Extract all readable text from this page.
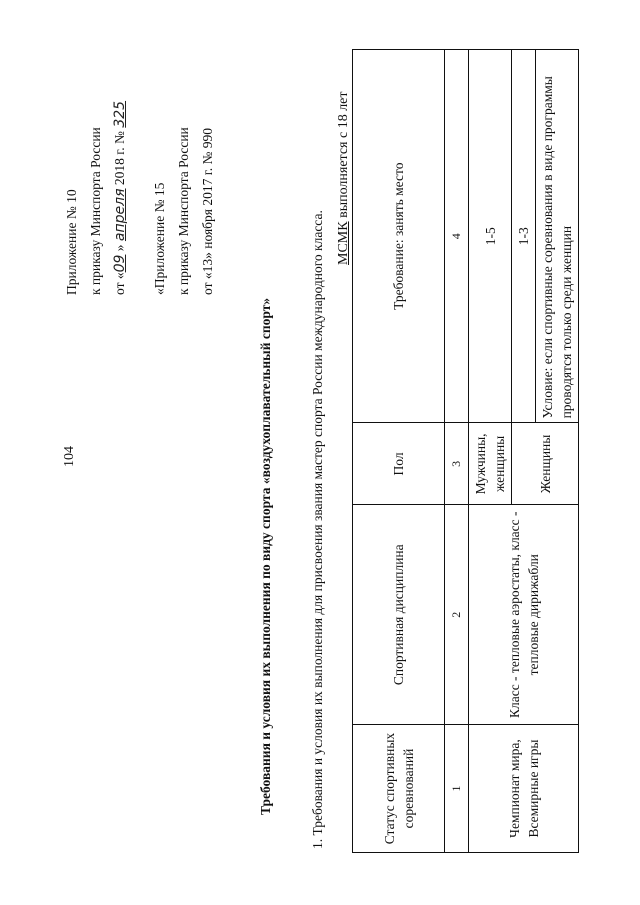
104
Приложение № 10 к приказу Минспорта России от «09 » апреля 2018 г. № 325
«Приложение № 15 к приказу Минспорта России от «13» ноября 2017 г. № 990
Требования и условия их выполнения по виду спорта «воздухоплавательный спорт»	1. Требования и условия их выполнения для присвоения звания мастер спорта России международного класса. МСМК выполняется с 18 лет
Статус спортивных соревнований	Спортивная дисциплина	Пол	Требование: занять место
1	2	3	4
Чемпионат мира, Всемирные игры	Класс - тепловые аэростаты, класс - тепловые дирижабли	Мужчины, женщины	1-5
		Женщины	1-3
			Условие: если спортивные соревнования в виде программы проводятся только среди женщин
